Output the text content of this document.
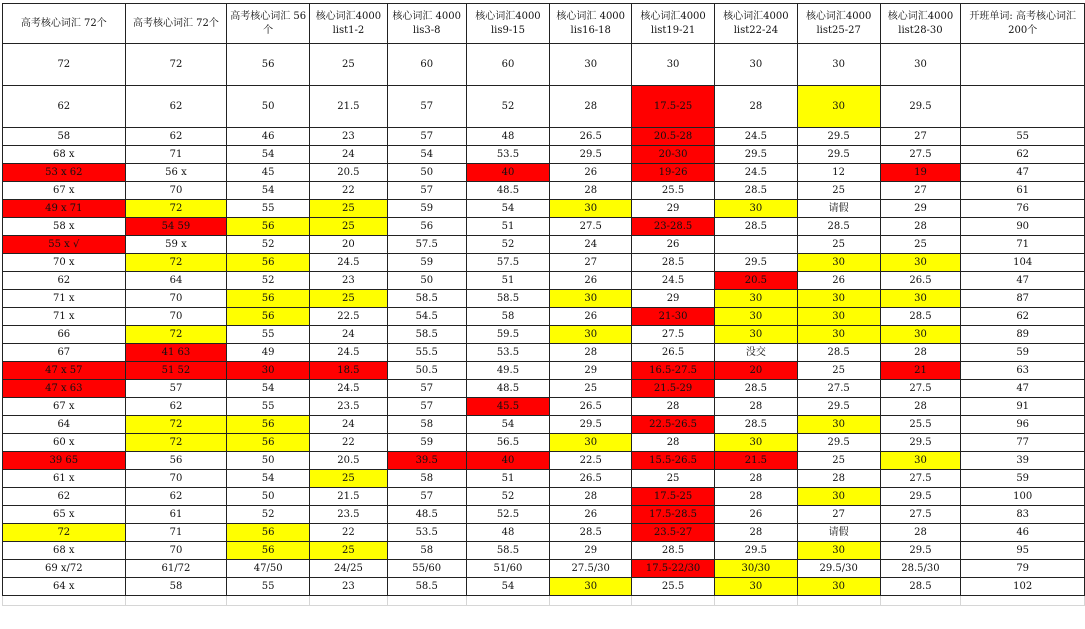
高考核心词汇 72个	高考核心词汇 72个	高考核心词汇 56个	核心词汇4000 list1-2	核心词汇 4000 lis3-8	核心词汇4000 lis9-15	核心词汇 4000 lis16-18	核心词汇4000 list19-21	核心词汇4000 list22-24	核心词汇4000 list25-27	核心词汇4000 list28-30	开班单词: 高考核心词汇200个
72	72	56	25	60	60	30	30	30	30	30	
62	62	50	21.5	57	52	28	17.5-25	28	30	29.5	
58	62	46	23	57	48	26.5	20.5-28	24.5	29.5	27	55
68 x	71	54	24	54	53.5	29.5	20-30	29.5	29.5	27.5	62
53 x 62	56 x	45	20.5	50	40	26	19-26	24.5	12	19	47
67 x	70	54	22	57	48.5	28	25.5	28.5	25	27	61
49 x 71	72	55	25	59	54	30	29	30	请假	29	76
58 x	54 59	56	25	56	51	27.5	23-28.5	28.5	28.5	28	90
55 x √	59 x	52	20	57.5	52	24	26		25	25	71
70 x	72	56	24.5	59	57.5	27	28.5	29.5	30	30	104
62	64	52	23	50	51	26	24.5	20.5	26	26.5	47
71 x	70	56	25	58.5	58.5	30	29	30	30	30	87
71 x	70	56	22.5	54.5	58	26	21-30	30	30	28.5	62
66	72	55	24	58.5	59.5	30	27.5	30	30	30	89
67	41 63	49	24.5	55.5	53.5	28	26.5	没交	28.5	28	59
47 x 57	51 52	30	18.5	50.5	49.5	29	16.5-27.5	20	25	21	63
47 x 63	57	54	24.5	57	48.5	25	21.5-29	28.5	27.5	27.5	47
67 x	62	55	23.5	57	45.5	26.5	28	28	29.5	28	91
64	72	56	24	58	54	29.5	22.5-26.5	28.5	30	25.5	96
60 x	72	56	22	59	56.5	30	28	30	29.5	29.5	77
39 65	56	50	20.5	39.5	40	22.5	15.5-26.5	21.5	25	30	39
61 x	70	54	25	58	51	26.5	25	28	28	27.5	59
62	62	50	21.5	57	52	28	17.5-25	28	30	29.5	100
65 x	61	52	23.5	48.5	52.5	26	17.5-28.5	26	27	27.5	83
72	71	56	22	53.5	48	28.5	23.5-27	28	请假	28	46
68 x	70	56	25	58	58.5	29	28.5	29.5	30	29.5	95
69 x/72	61/72	47/50	24/25	55/60	51/60	27.5/30	17.5-22/30	30/30	29.5/30	28.5/30	79
64 x	58	55	23	58.5	54	30	25.5	30	30	28.5	102
